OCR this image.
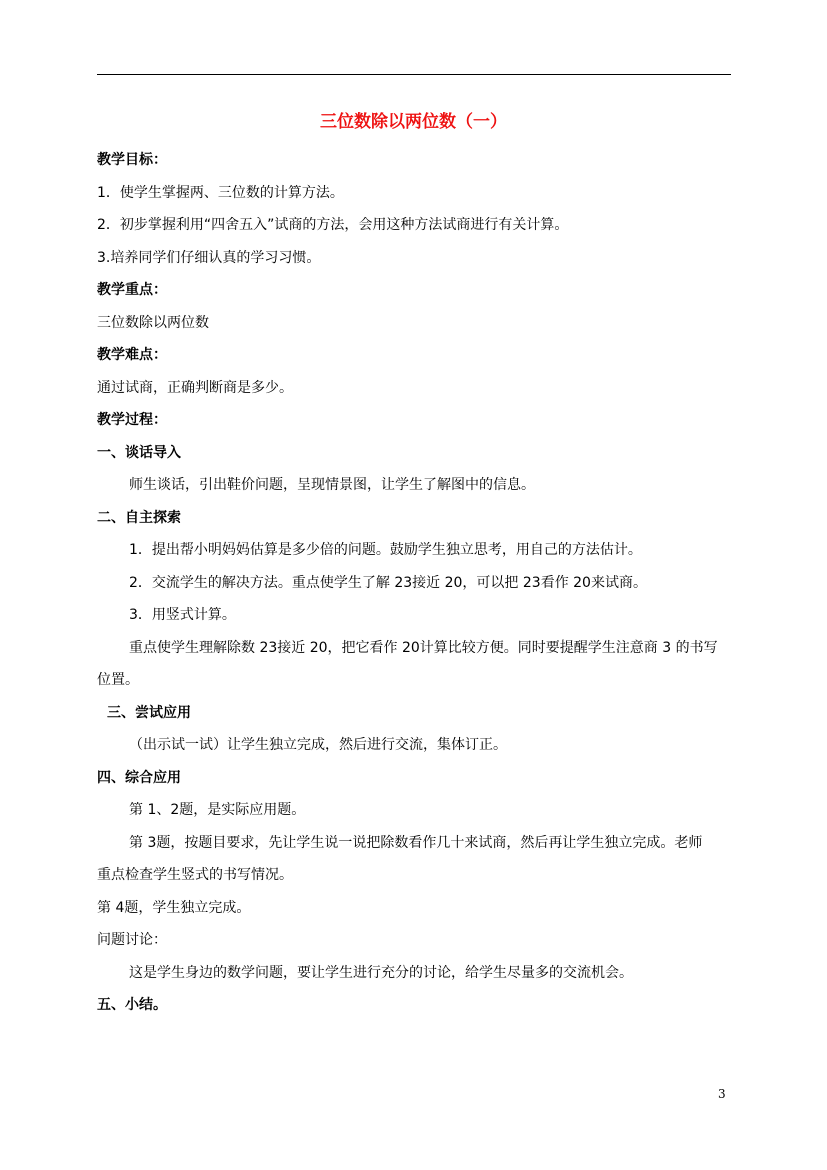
三位数除以两位数（一）
教学目标：
1．使学生掌握两、三位数的计算方法。
2．初步掌握利用“四舍五入”试商的方法，会用这种方法试商进行有关计算。
3.培养同学们仔细认真的学习习惯。
教学重点：
三位数除以两位数
教学难点：
通过试商，正确判断商是多少。
教学过程：
一、谈话导入
师生谈话，引出鞋价问题，呈现情景图，让学生了解图中的信息。
二、自主探索
1．提出帮小明妈妈估算是多少倍的问题。鼓励学生独立思考，用自己的方法估计。
2．交流学生的解决方法。重点使学生了解 23接近 20，可以把 23看作 20来试商。
3．用竖式计算。
重点使学生理解除数 23接近 20，把它看作 20计算比较方便。同时要提醒学生注意商 3 的书写
位置。
三、尝试应用
（出示试一试）让学生独立完成，然后进行交流，集体订正。
四、综合应用
第 1、2题，是实际应用题。
第 3题，按题目要求，先让学生说一说把除数看作几十来试商，然后再让学生独立完成。老师
重点检查学生竖式的书写情况。
第 4题，学生独立完成。
问题讨论：
这是学生身边的数学问题，要让学生进行充分的讨论，给学生尽量多的交流机会。
五、小结。
3
